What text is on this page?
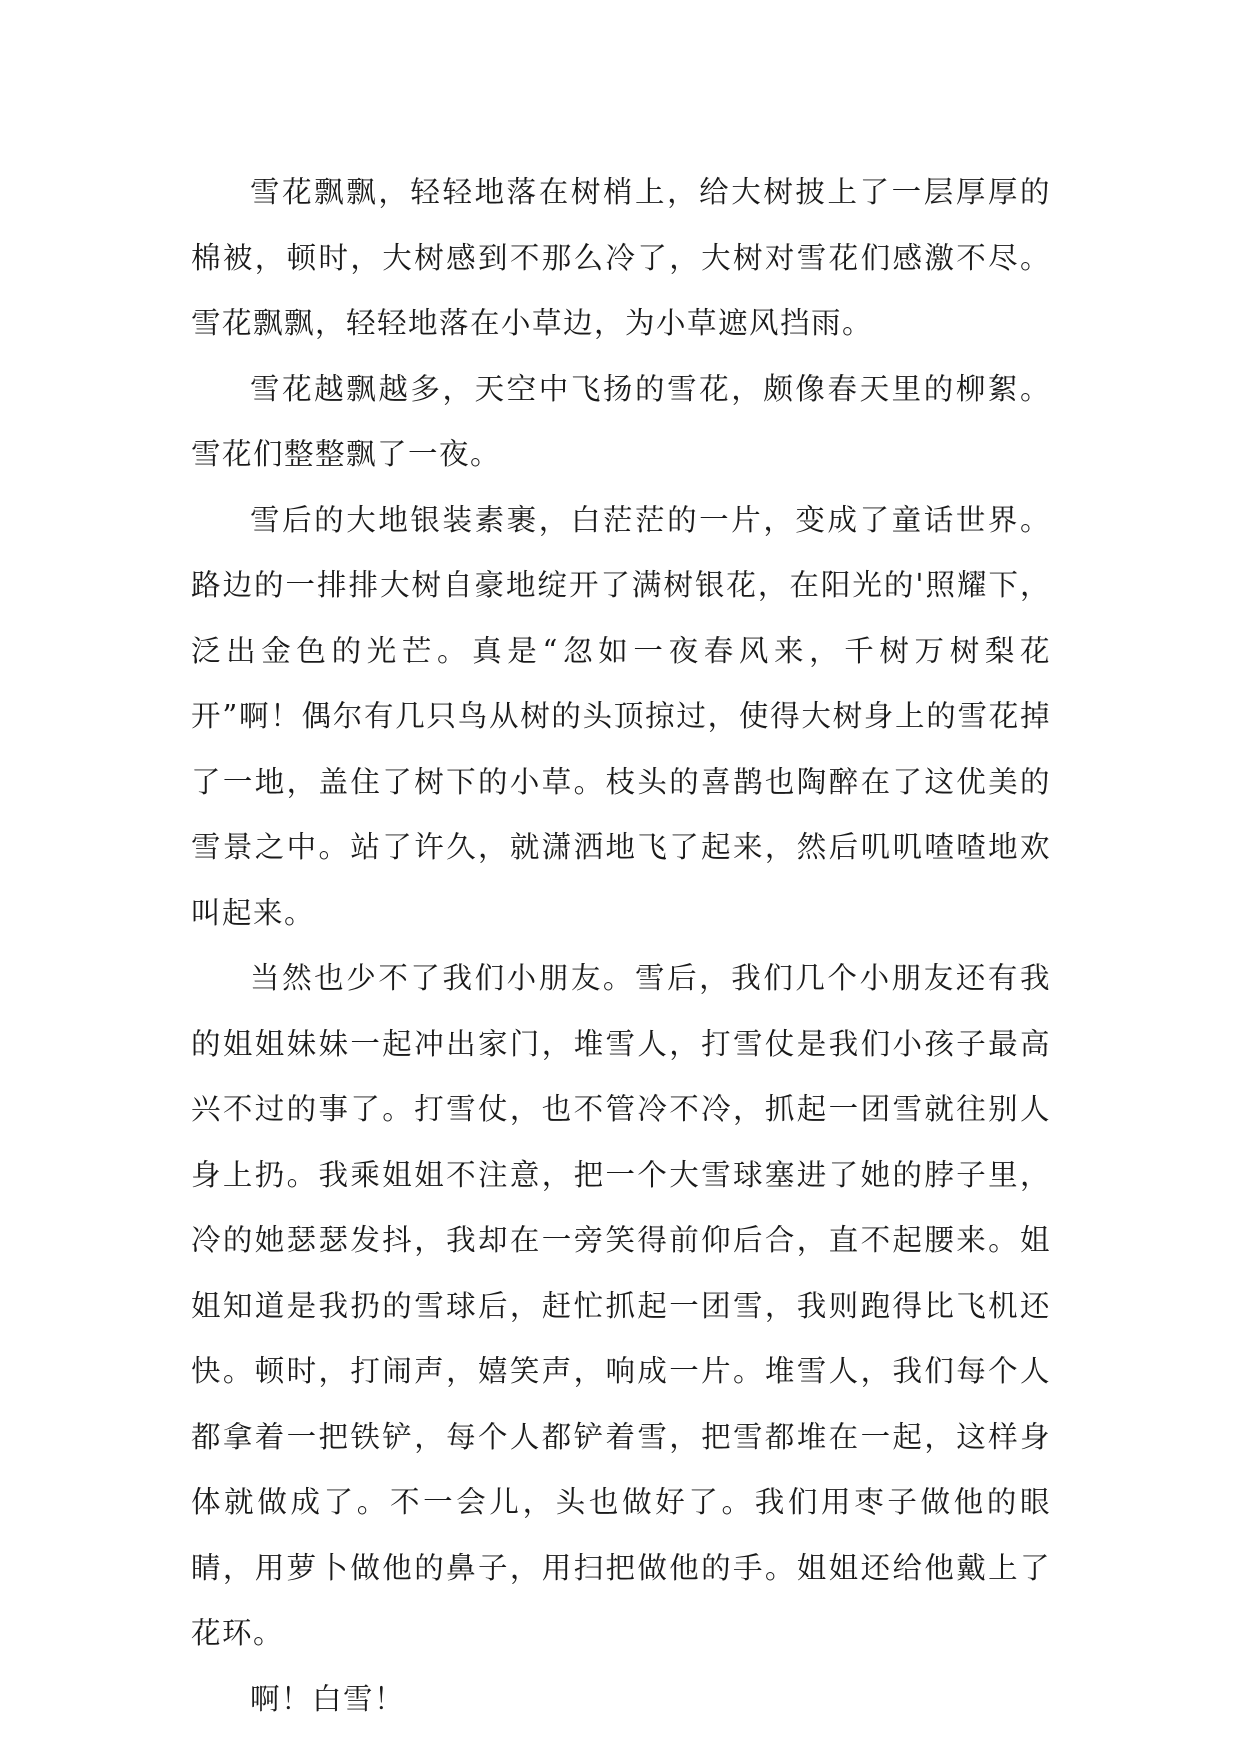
雪花飘飘，轻轻地落在树梢上，给大树披上了一层厚厚的棉被，顿时，大树感到不那么冷了，大树对雪花们感激不尽。雪花飘飘，轻轻地落在小草边，为小草遮风挡雨。

雪花越飘越多，天空中飞扬的雪花，颇像春天里的柳絮。雪花们整整飘了一夜。

雪后的大地银装素裹，白茫茫的一片，变成了童话世界。路边的一排排大树自豪地绽开了满树银花，在阳光的'照耀下，泛出金色的光芒。真是“忽如一夜春风来，千树万树梨花开”啊！偶尔有几只鸟从树的头顶掠过，使得大树身上的雪花掉了一地，盖住了树下的小草。枝头的喜鹊也陶醉在了这优美的雪景之中。站了许久，就潇洒地飞了起来，然后叽叽喳喳地欢叫起来。

当然也少不了我们小朋友。雪后，我们几个小朋友还有我的姐姐妹妹一起冲出家门，堆雪人，打雪仗是我们小孩子最高兴不过的事了。打雪仗，也不管冷不冷，抓起一团雪就往别人身上扔。我乘姐姐不注意，把一个大雪球塞进了她的脖子里，冷的她瑟瑟发抖，我却在一旁笑得前仰后合，直不起腰来。姐姐知道是我扔的雪球后，赶忙抓起一团雪，我则跑得比飞机还快。顿时，打闹声，嬉笑声，响成一片。堆雪人，我们每个人都拿着一把铁铲，每个人都铲着雪，把雪都堆在一起，这样身体就做成了。不一会儿，头也做好了。我们用枣子做他的眼睛，用萝卜做他的鼻子，用扫把做他的手。姐姐还给他戴上了花环。

啊！白雪！
